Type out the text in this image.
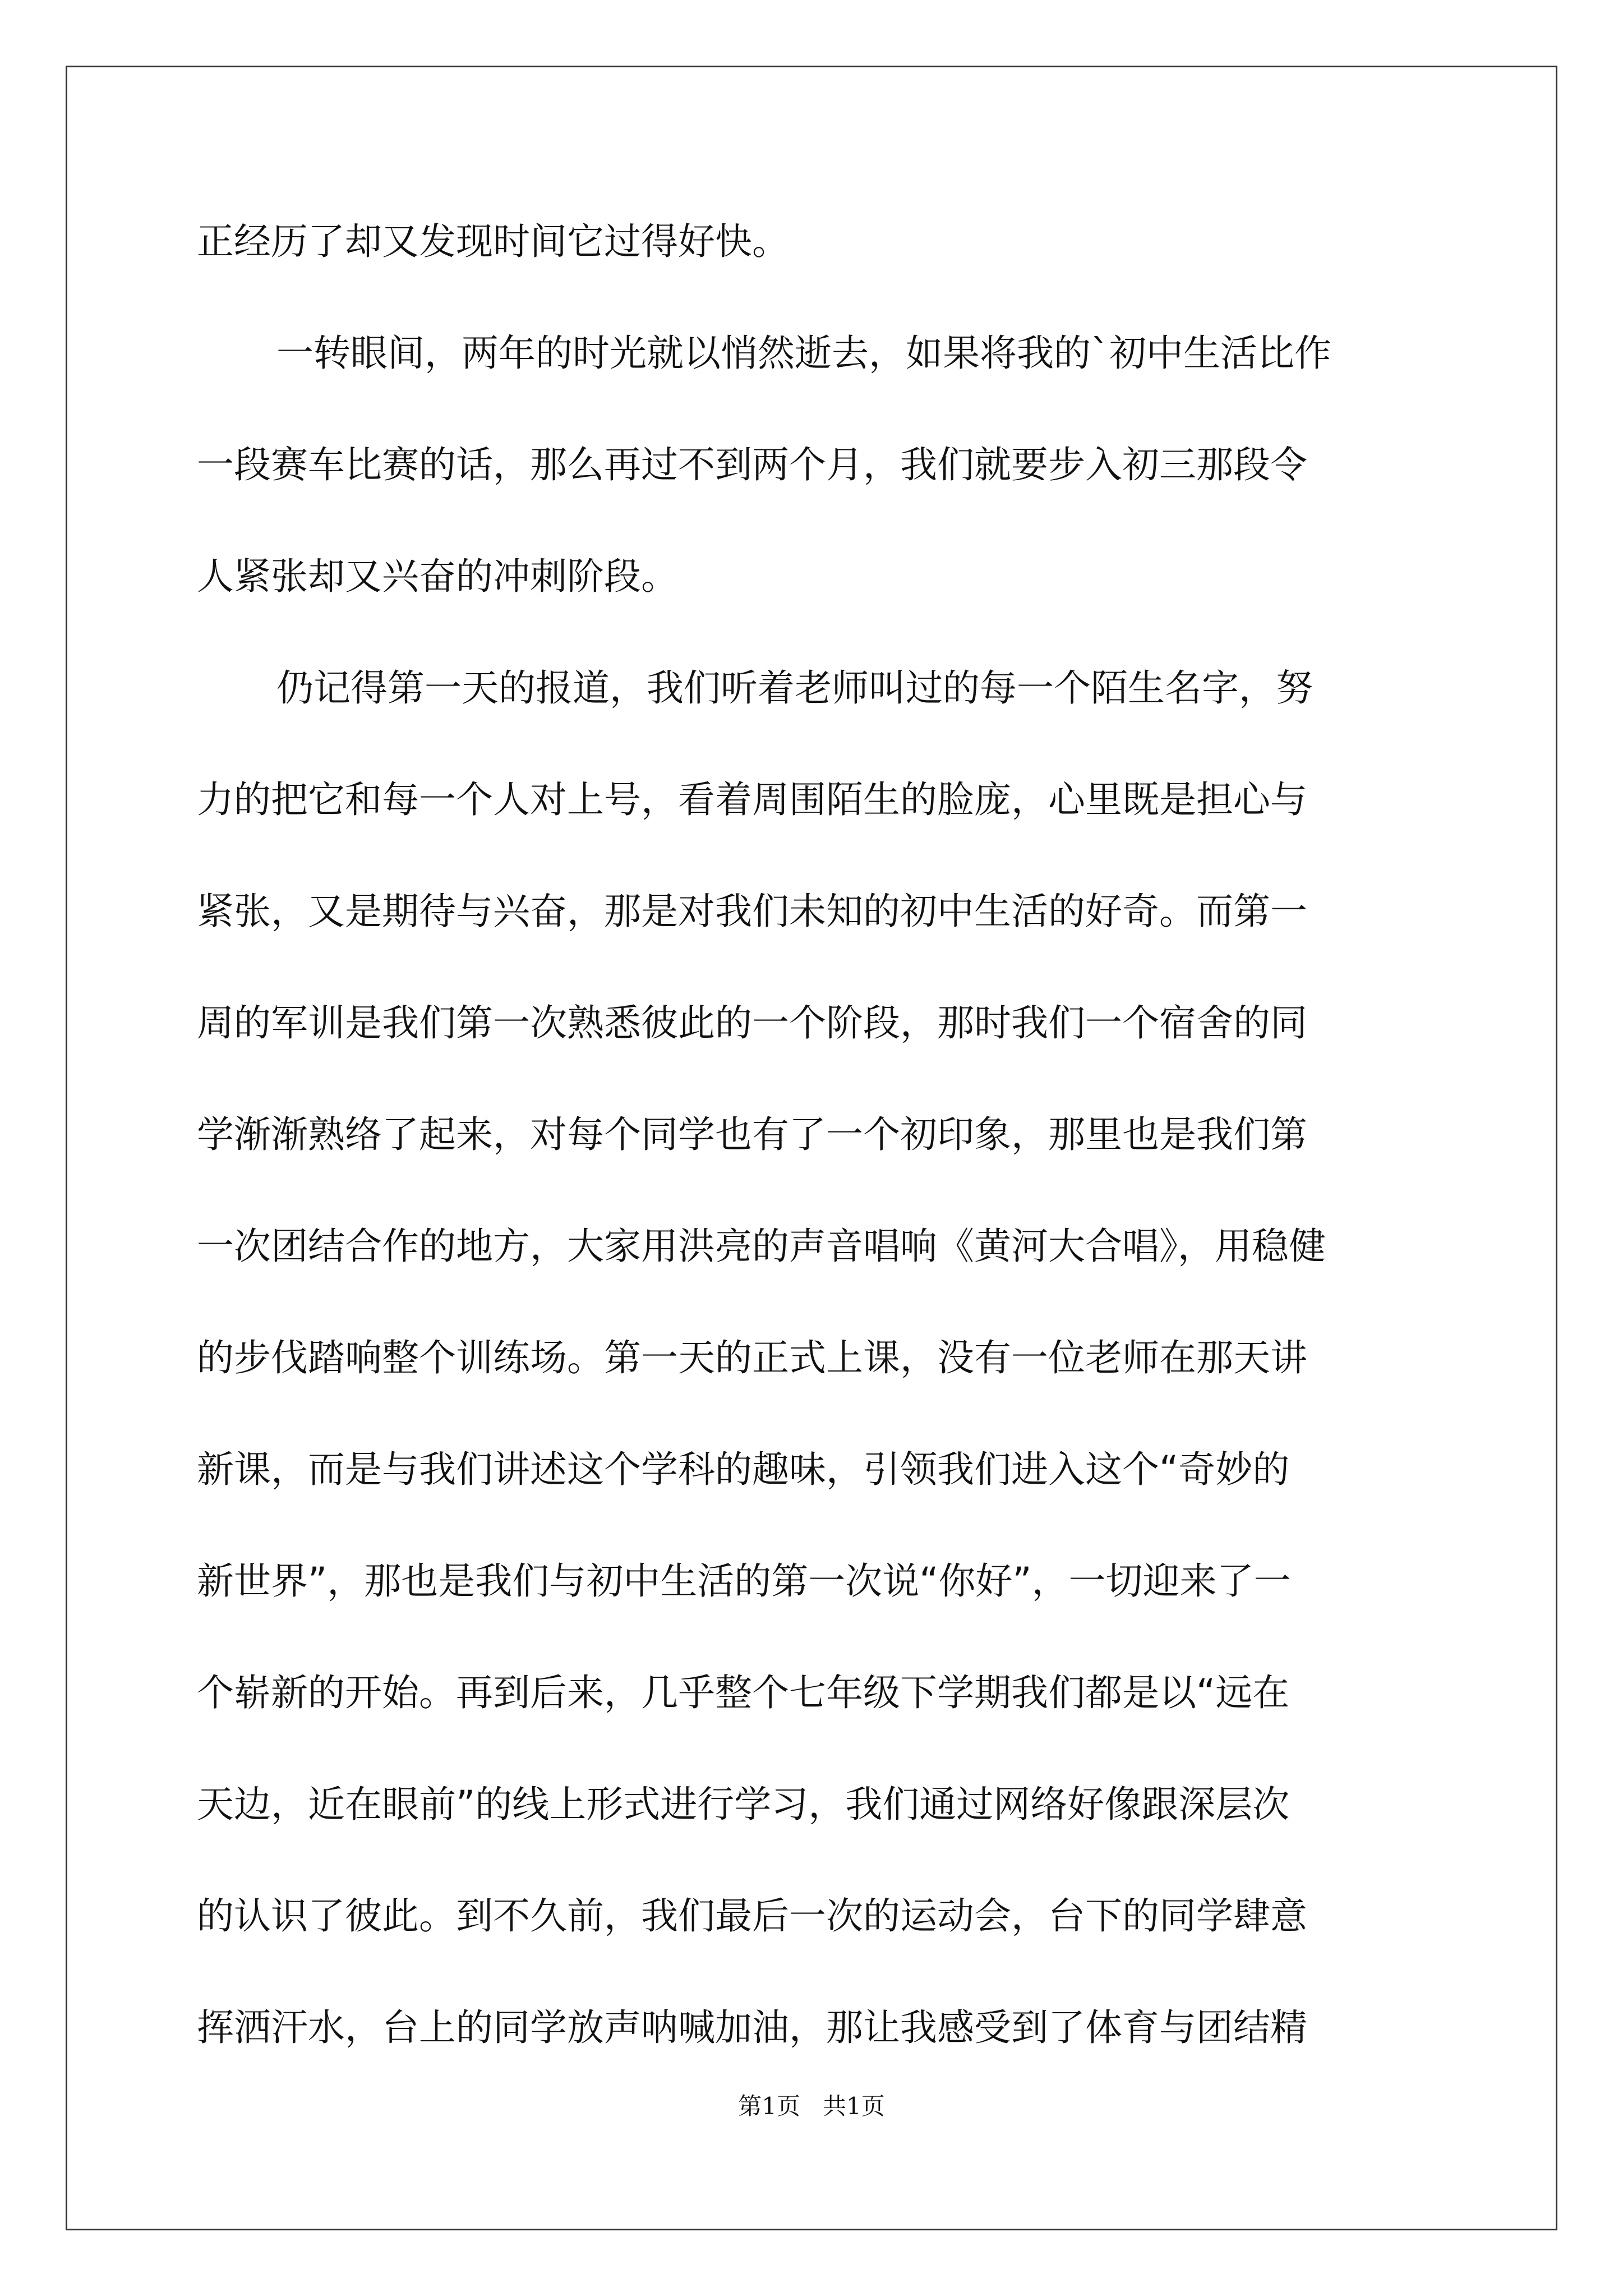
正经历了却又发现时间它过得好快。
一转眼间，两年的时光就以悄然逝去，如果将我的`初中生活比作
一段赛车比赛的话，那么再过不到两个月，我们就要步入初三那段令
人紧张却又兴奋的冲刺阶段。
仍记得第一天的报道，我们听着老师叫过的每一个陌生名字，努
力的把它和每一个人对上号，看着周围陌生的脸庞，心里既是担心与
紧张，又是期待与兴奋，那是对我们未知的初中生活的好奇。而第一
周的军训是我们第一次熟悉彼此的一个阶段，那时我们一个宿舍的同
学渐渐熟络了起来，对每个同学也有了一个初印象，那里也是我们第
一次团结合作的地方，大家用洪亮的声音唱响《黄河大合唱》，用稳健
的步伐踏响整个训练场。第一天的正式上课，没有一位老师在那天讲
新课，而是与我们讲述这个学科的趣味，引领我们进入这个“奇妙的
新世界”，那也是我们与初中生活的第一次说“你好”，一切迎来了一
个崭新的开始。再到后来，几乎整个七年级下学期我们都是以“远在
天边，近在眼前”的线上形式进行学习，我们通过网络好像跟深层次
的认识了彼此。到不久前，我们最后一次的运动会，台下的同学肆意
挥洒汗水，台上的同学放声呐喊加油，那让我感受到了体育与团结精
第1页   共1页
